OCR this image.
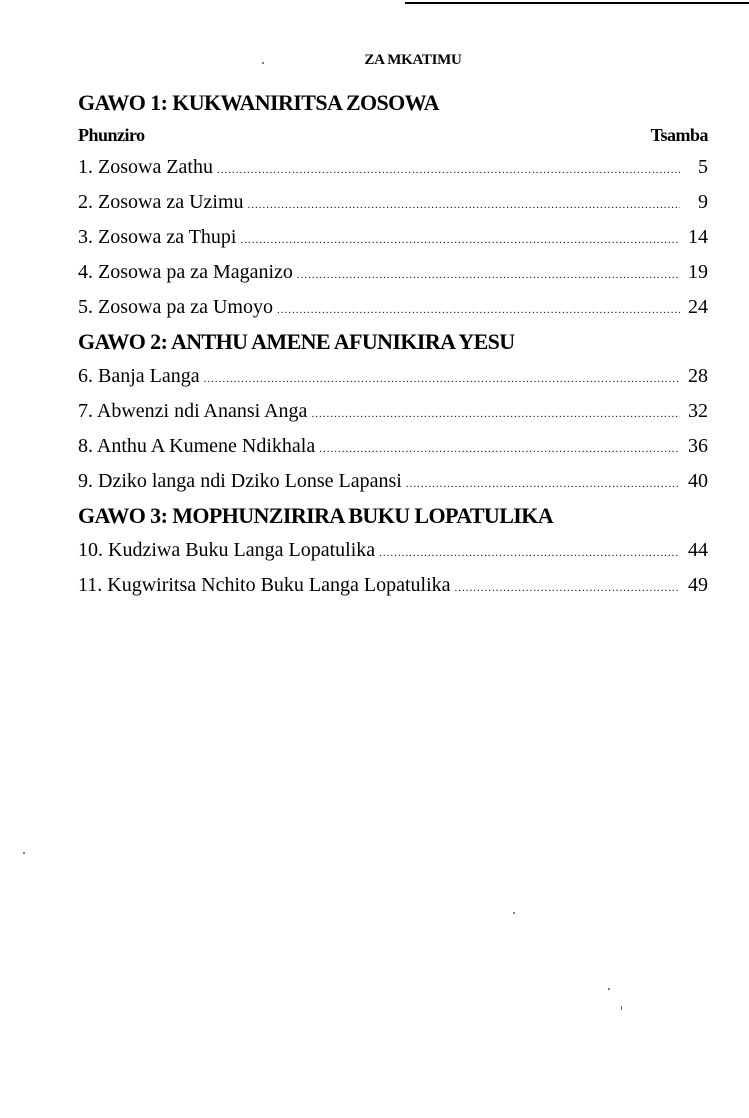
ZA MKATIMU
GAWO 1: KUKWANIRITSA ZOSOWA
Phunziro	Tsamba
1. Zosowa Zathu .....	5
2. Zosowa za Uzimu .....	9
3. Zosowa za Thupi .....	14
4. Zosowa pa za Maganizo .....	19
5. Zosowa pa za Umoyo .....	24
GAWO 2: ANTHU AMENE AFUNIKIRA YESU
6. Banja Langa .....	28
7. Abwenzi ndi Anansi Anga .....	32
8. Anthu A Kumene Ndikhala .....	36
9. Dziko langa ndi Dziko Lonse Lapansi .....	40
GAWO 3: MOPHUNZIRIRA BUKU LOPATULIKA
10. Kudziwa Buku Langa Lopatulika .....	44
11. Kugwiritsa Nchito Buku Langa Lopatulika .....	49
